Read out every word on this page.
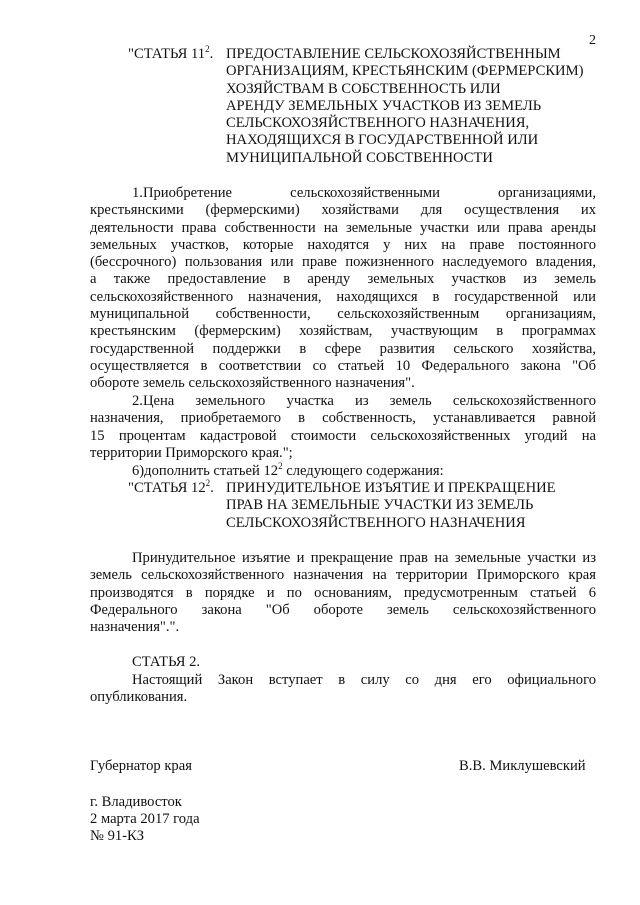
2
"СТАТЬЯ $11^2$. ПРЕДОСТАВЛЕНИЕ СЕЛЬСКОХОЗЯЙСТВЕННЫМ
ОРГАНИЗАЦИЯМ, КРЕСТЬЯНСКИМ (ФЕРМЕРСКИМ)
ХОЗЯЙСТВАМ В СОБСТВЕННОСТЬ ИЛИ
АРЕНДУ ЗЕМЕЛЬНЫХ УЧАСТКОВ ИЗ ЗЕМЕЛЬ
СЕЛЬСКОХОЗЯЙСТВЕННОГО НАЗНАЧЕНИЯ,
НАХОДЯЩИХСЯ В ГОСУДАРСТВЕННОЙ ИЛИ
МУНИЦИПАЛЬНОЙ СОБСТВЕННОСТИ
1.Приобретение сельскохозяйственными организациями,
крестьянскими (фермерскими) хозяйствами для осуществления их
деятельности права собственности на земельные участки или права аренды
земельных участков, которые находятся у них на праве постоянного
(бессрочного) пользования или праве пожизненного наследуемого владения,
а также предоставление в аренду земельных участков из земель
сельскохозяйственного назначения, находящихся в государственной или
муниципальной собственности, сельскохозяйственным организациям,
крестьянским (фермерским) хозяйствам, участвующим в программах
государственной поддержки в сфере развития сельского хозяйства,
осуществляется в соответствии со статьей 10 Федерального закона "Об
обороте земель сельскохозяйственного назначения".
2.Цена земельного участка из земель сельскохозяйственного
назначения, приобретаемого в собственность, устанавливается равной
15 процентам кадастровой стоимости сельскохозяйственных угодий на
территории Приморского края.";
6)дополнить статьей $12^2$ следующего содержания:
"СТАТЬЯ $12^2$. ПРИНУДИТЕЛЬНОЕ ИЗЪЯТИЕ И ПРЕКРАЩЕНИЕ
ПРАВ НА ЗЕМЕЛЬНЫЕ УЧАСТКИ ИЗ ЗЕМЕЛЬ
СЕЛЬСКОХОЗЯЙСТВЕННОГО НАЗНАЧЕНИЯ
Принудительное изъятие и прекращение прав на земельные участки из
земель сельскохозяйственного назначения на территории Приморского края
производятся в порядке и по основаниям, предусмотренным статьей 6
Федерального закона "Об обороте земель сельскохозяйственного
назначения".".
СТАТЬЯ 2.
Настоящий Закон вступает в силу со дня его официального
опубликования.
Губернатор края	В.В. Миклушевский
г. Владивосток
2 марта 2017 года
№ 91-КЗ
